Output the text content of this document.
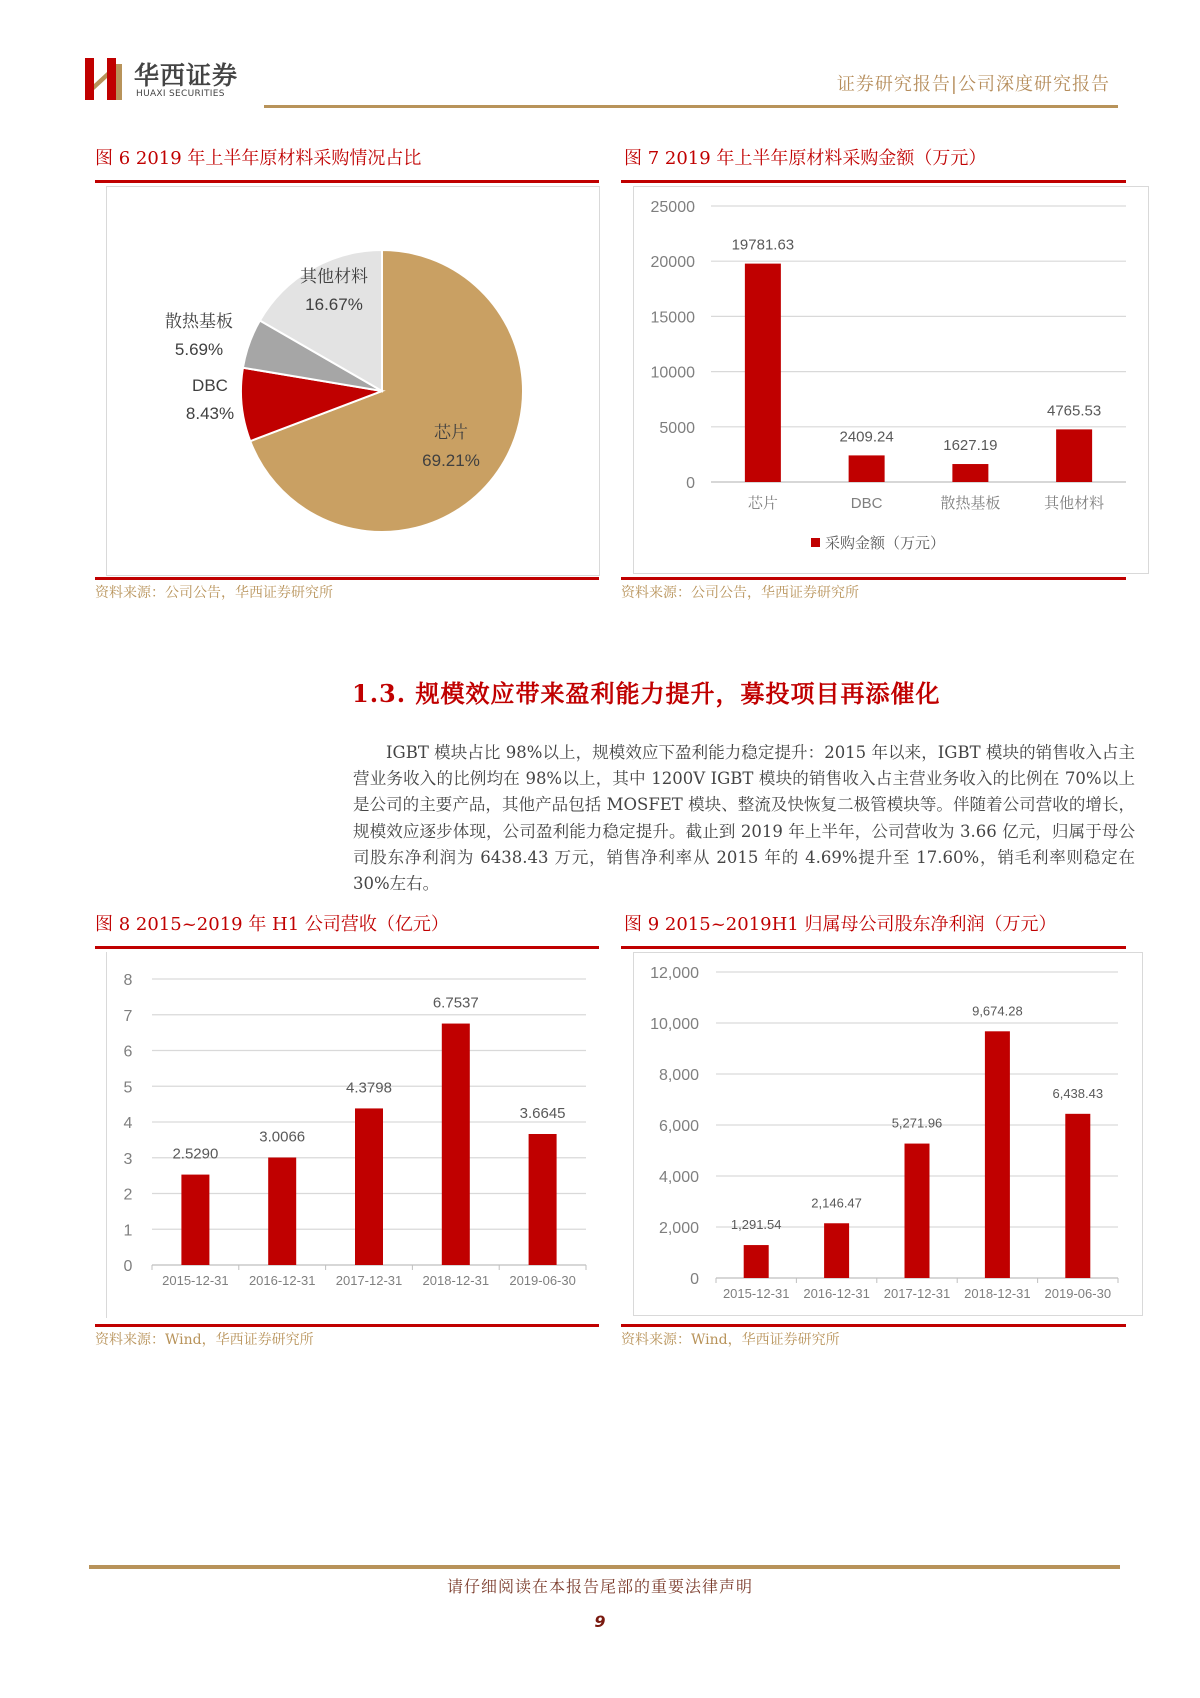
华西证券
HUAXI SECURITIES	证券研究报告|公司深度研究报告
图 6 2019 年上半年原材料采购情况占比
芯片
69.21%
DBC
8.43%
散热基板
5.69%
其他材料
16.67%
资料来源：公司公告，华西证券研究所
图 7 2019 年上半年原材料采购金额（万元）
0
5000
10000
15000
20000
25000
19781.63
芯片
2409.24
DBC
1627.19
散热基板
4765.53
其他材料
采购金额（万元）
资料来源：公司公告，华西证券研究所
1.3. 规模效应带来盈利能力提升，募投项目再添催化
IGBT 模块占比 98%以上，规模效应下盈利能力稳定提升：2015 年以来，IGBT 模块的销售收入占主营业务收入的比例均在 98%以上，其中 1200V IGBT 模块的销售收入占主营业务收入的比例在 70%以上是公司的主要产品，其他产品包括 MOSFET 模块、整流及快恢复二极管模块等。伴随着公司营收的增长，规模效应逐步体现，公司盈利能力稳定提升。截止到 2019 年上半年，公司营收为 3.66 亿元，归属于母公司股东净利润为 6438.43 万元，销售净利率从 2015 年的 4.69%提升至 17.60%，销毛利率则稳定在 30%左右。
图 8 2015~2019 年 H1 公司营收（亿元）
0
1
2
3
4
5
6
7
8
2.5290
2015-12-31
3.0066
2016-12-31
4.3798
2017-12-31
6.7537
2018-12-31
3.6645
2019-06-30
资料来源：Wind，华西证券研究所
图 9 2015~2019H1 归属母公司股东净利润（万元）
0
2,000
4,000
6,000
8,000
10,000
12,000
1,291.54
2015-12-31
2,146.47
2016-12-31
5,271.96
2017-12-31
9,674.28
2018-12-31
6,438.43
2019-06-30
资料来源：Wind，华西证券研究所
请仔细阅读在本报告尾部的重要法律声明
9
